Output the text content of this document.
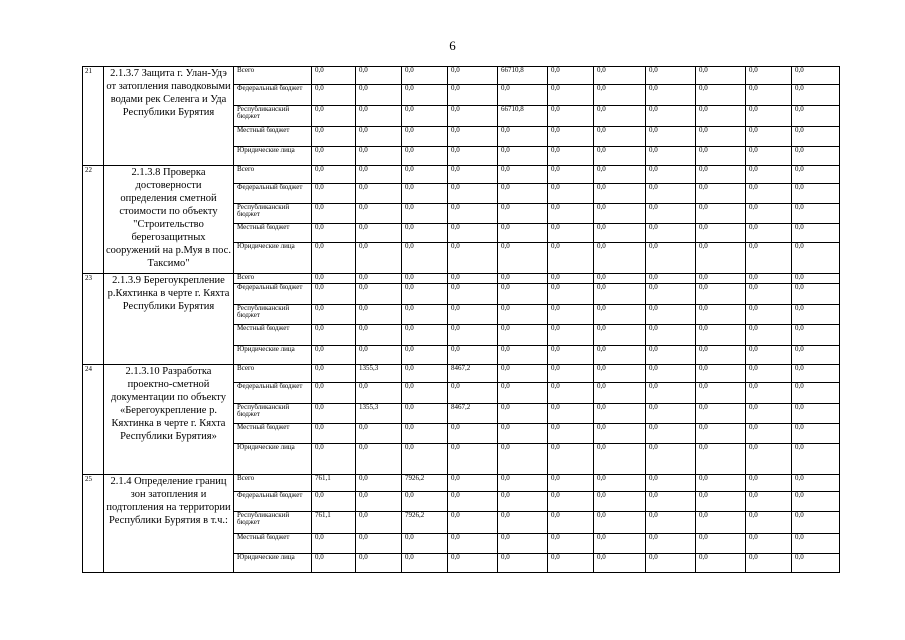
6
21	2.1.3.7 Защита г. Улан-Удэ от затопления паводковыми водами рек Селенга и Уда Республики Бурятия	Всего	0,0	0,0	0,0	0,0	66710,8	0,0	0,0	0,0	0,0	0,0	0,0
		Федеральный бюджет	0,0	0,0	0,0	0,0	0,0	0,0	0,0	0,0	0,0	0,0	0,0
		Республиканский бюджет	0,0	0,0	0,0	0,0	66710,8	0,0	0,0	0,0	0,0	0,0	0,0
		Местный бюджет	0,0	0,0	0,0	0,0	0,0	0,0	0,0	0,0	0,0	0,0	0,0
		Юридические лица	0,0	0,0	0,0	0,0	0,0	0,0	0,0	0,0	0,0	0,0	0,0
22	2.1.3.8 Проверка достоверности определения сметной стоимости по объекту "Строительство берегозащитных сооружений на р.Муя в пос. Таксимо"	Всего	0,0	0,0	0,0	0,0	0,0	0,0	0,0	0,0	0,0	0,0	0,0
		Федеральный бюджет	0,0	0,0	0,0	0,0	0,0	0,0	0,0	0,0	0,0	0,0	0,0
		Республиканский бюджет	0,0	0,0	0,0	0,0	0,0	0,0	0,0	0,0	0,0	0,0	0,0
		Местный бюджет	0,0	0,0	0,0	0,0	0,0	0,0	0,0	0,0	0,0	0,0	0,0
		Юридические лица	0,0	0,0	0,0	0,0	0,0	0,0	0,0	0,0	0,0	0,0	0,0
23	2.1.3.9 Берегоукрепление р.Кяхтинка в черте г. Кяхта Республики Бурятия	Всего	0,0	0,0	0,0	0,0	0,0	0,0	0,0	0,0	0,0	0,0	0,0
		Федеральный бюджет	0,0	0,0	0,0	0,0	0,0	0,0	0,0	0,0	0,0	0,0	0,0
		Республиканский бюджет	0,0	0,0	0,0	0,0	0,0	0,0	0,0	0,0	0,0	0,0	0,0
		Местный бюджет	0,0	0,0	0,0	0,0	0,0	0,0	0,0	0,0	0,0	0,0	0,0
		Юридические лица	0,0	0,0	0,0	0,0	0,0	0,0	0,0	0,0	0,0	0,0	0,0
24	2.1.3.10 Разработка проектно-сметной документации по объекту «Берегоукрепление р. Кяхтинка в черте г. Кяхта Республики Бурятия»	Всего	0,0	1355,3	0,0	8467,2	0,0	0,0	0,0	0,0	0,0	0,0	0,0
		Федеральный бюджет	0,0	0,0	0,0	0,0	0,0	0,0	0,0	0,0	0,0	0,0	0,0
		Республиканский бюджет	0,0	1355,3	0,0	8467,2	0,0	0,0	0,0	0,0	0,0	0,0	0,0
		Местный бюджет	0,0	0,0	0,0	0,0	0,0	0,0	0,0	0,0	0,0	0,0	0,0
		Юридические лица	0,0	0,0	0,0	0,0	0,0	0,0	0,0	0,0	0,0	0,0	0,0
25	2.1.4 Определение границ зон затопления и подтопления на территории Республики Бурятия в т.ч.:	Всего	761,1	0,0	7926,2	0,0	0,0	0,0	0,0	0,0	0,0	0,0	0,0
		Федеральный бюджет	0,0	0,0	0,0	0,0	0,0	0,0	0,0	0,0	0,0	0,0	0,0
		Республиканский бюджет	761,1	0,0	7926,2	0,0	0,0	0,0	0,0	0,0	0,0	0,0	0,0
		Местный бюджет	0,0	0,0	0,0	0,0	0,0	0,0	0,0	0,0	0,0	0,0	0,0
		Юридические лица	0,0	0,0	0,0	0,0	0,0	0,0	0,0	0,0	0,0	0,0	0,0
